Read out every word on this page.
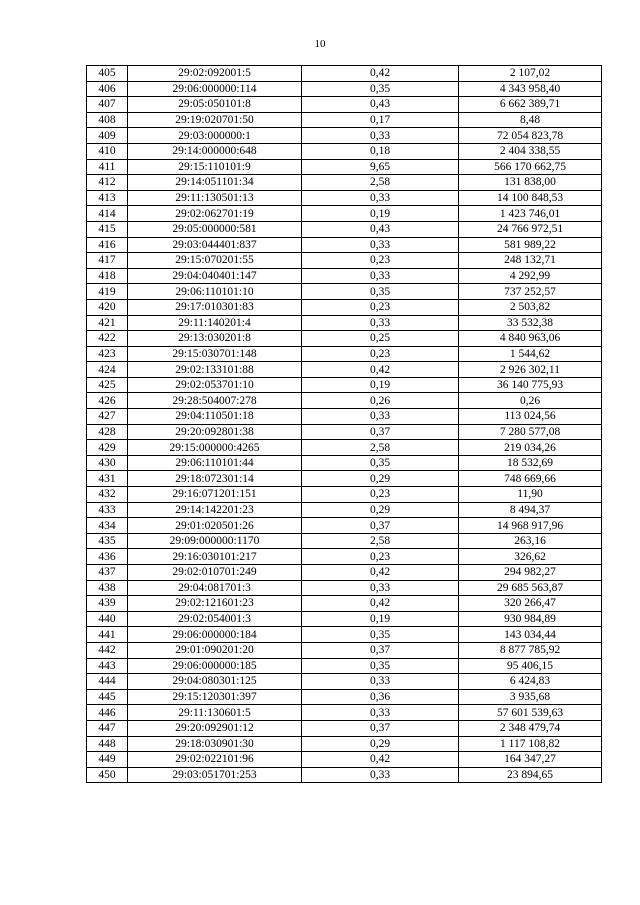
10
405	29:02:092001:5	0,42	2 107,02
406	29:06:000000:114	0,35	4 343 958,40
407	29:05:050101:8	0,43	6 662 389,71
408	29:19:020701:50	0,17	8,48
409	29:03:000000:1	0,33	72 054 823,78
410	29:14:000000:648	0,18	2 404 338,55
411	29:15:110101:9	9,65	566 170 662,75
412	29:14:051101:34	2,58	131 838,00
413	29:11:130501:13	0,33	14 100 848,53
414	29:02:062701:19	0,19	1 423 746,01
415	29:05:000000:581	0,43	24 766 972,51
416	29:03:044401:837	0,33	581 989,22
417	29:15:070201:55	0,23	248 132,71
418	29:04:040401:147	0,33	4 292,99
419	29:06:110101:10	0,35	737 252,57
420	29:17:010301:83	0,23	2 503,82
421	29:11:140201:4	0,33	33 532,38
422	29:13:030201:8	0,25	4 840 963,06
423	29:15:030701:148	0,23	1 544,62
424	29:02:133101:88	0,42	2 926 302,11
425	29:02:053701:10	0,19	36 140 775,93
426	29:28:504007:278	0,26	0,26
427	29:04:110501:18	0,33	113 024,56
428	29:20:092801:38	0,37	7 280 577,08
429	29:15:000000:4265	2,58	219 034,26
430	29:06:110101:44	0,35	18 532,69
431	29:18:072301:14	0,29	748 669,66
432	29:16:071201:151	0,23	11,90
433	29:14:142201:23	0,29	8 494,37
434	29:01:020501:26	0,37	14 968 917,96
435	29:09:000000:1170	2,58	263,16
436	29:16:030101:217	0,23	326,62
437	29:02:010701:249	0,42	294 982,27
438	29:04:081701:3	0,33	29 685 563,87
439	29:02:121601:23	0,42	320 266,47
440	29:02:054001:3	0,19	930 984,89
441	29:06:000000:184	0,35	143 034,44
442	29:01:090201:20	0,37	8 877 785,92
443	29:06:000000:185	0,35	95 406,15
444	29:04:080301:125	0,33	6 424,83
445	29:15:120301:397	0,36	3 935,68
446	29:11:130601:5	0,33	57 601 539,63
447	29:20:092901:12	0,37	2 348 479,74
448	29:18:030901:30	0,29	1 117 108,82
449	29:02:022101:96	0,42	164 347,27
450	29:03:051701:253	0,33	23 894,65
